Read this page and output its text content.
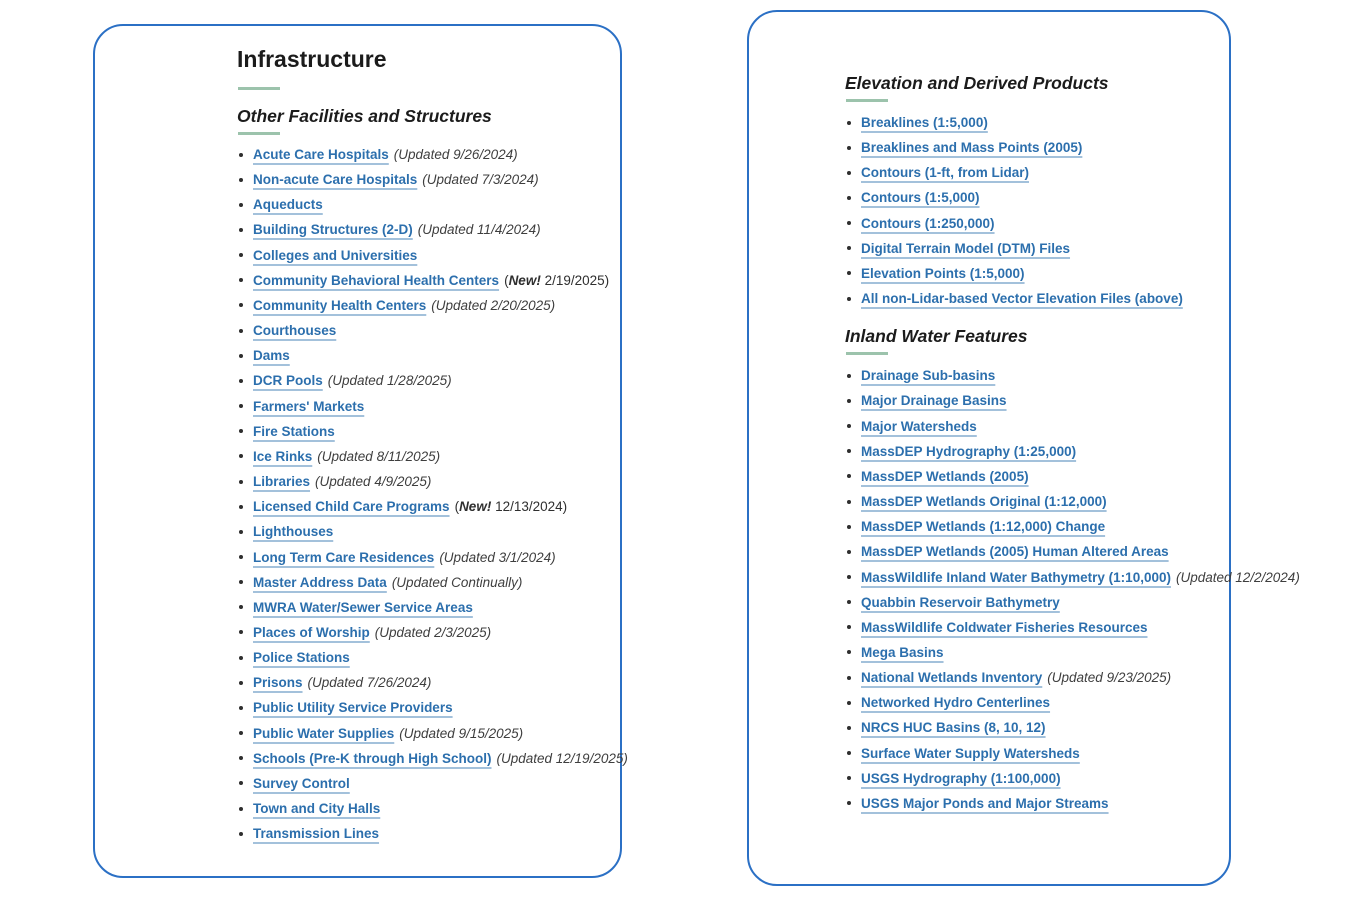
Infrastructure
Other Facilities and Structures
Acute Care Hospitals (Updated 9/26/2024)
Non-acute Care Hospitals (Updated 7/3/2024)
Aqueducts
Building Structures (2-D) (Updated 11/4/2024)
Colleges and Universities
Community Behavioral Health Centers (New! 2/19/2025)
Community Health Centers (Updated 2/20/2025)
Courthouses
Dams
DCR Pools (Updated 1/28/2025)
Farmers' Markets
Fire Stations
Ice Rinks (Updated 8/11/2025)
Libraries (Updated 4/9/2025)
Licensed Child Care Programs (New! 12/13/2024)
Lighthouses
Long Term Care Residences (Updated 3/1/2024)
Master Address Data (Updated Continually)
MWRA Water/Sewer Service Areas
Places of Worship (Updated 2/3/2025)
Police Stations
Prisons (Updated 7/26/2024)
Public Utility Service Providers
Public Water Supplies (Updated 9/15/2025)
Schools (Pre-K through High School) (Updated 12/19/2025)
Survey Control
Town and City Halls
Transmission Lines
Elevation and Derived Products
Breaklines (1:5,000)
Breaklines and Mass Points (2005)
Contours (1-ft, from Lidar)
Contours (1:5,000)
Contours (1:250,000)
Digital Terrain Model (DTM) Files
Elevation Points (1:5,000)
All non-Lidar-based Vector Elevation Files (above)
Inland Water Features
Drainage Sub-basins
Major Drainage Basins
Major Watersheds
MassDEP Hydrography (1:25,000)
MassDEP Wetlands (2005)
MassDEP Wetlands Original (1:12,000)
MassDEP Wetlands (1:12,000) Change
MassDEP Wetlands (2005) Human Altered Areas
MassWildlife Inland Water Bathymetry (1:10,000) (Updated 12/2/2024)
Quabbin Reservoir Bathymetry
MassWildlife Coldwater Fisheries Resources
Mega Basins
National Wetlands Inventory (Updated 9/23/2025)
Networked Hydro Centerlines
NRCS HUC Basins (8, 10, 12)
Surface Water Supply Watersheds
USGS Hydrography (1:100,000)
USGS Major Ponds and Major Streams
